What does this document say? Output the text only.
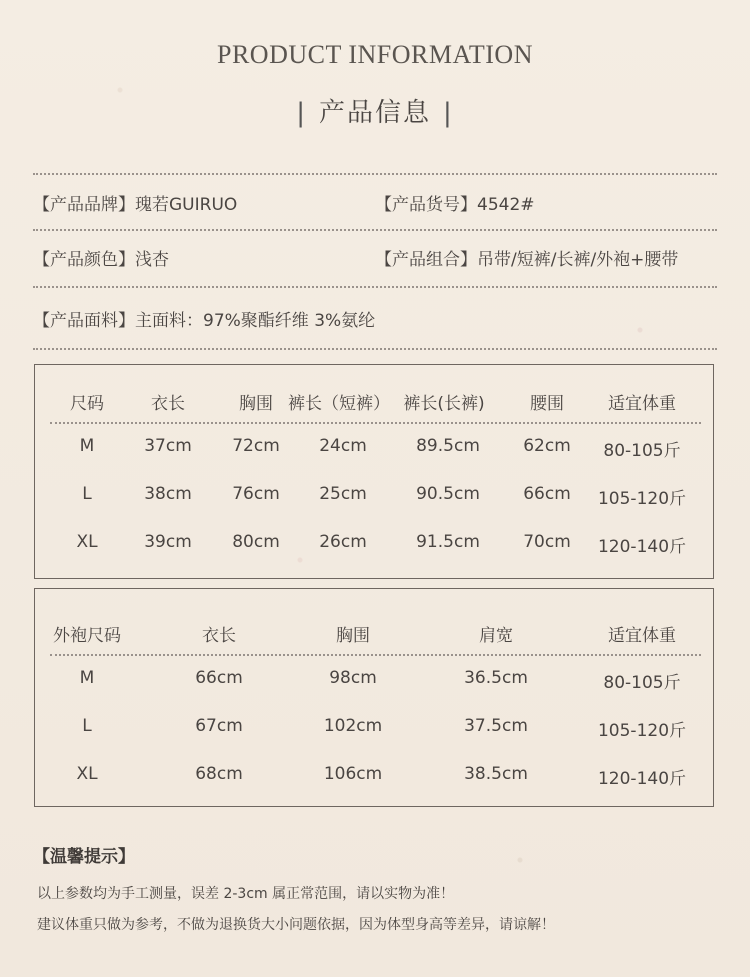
PRODUCT INFORMATION
| 产品信息 |
【产品品牌】瑰若GUIRUO	【产品货号】4542#
【产品颜色】浅杏	【产品组合】吊带/短裤/长裤/外袍+腰带
【产品面料】主面料：97%聚酯纤维 3%氨纶
尺码	衣长	胸围 裤长（短裤） 裤长(长裤)	腰围	适宜体重
M	37cm 72cm 24cm	89.5cm	62cm 80-105斤
L	38cm 76cm 25cm	90.5cm	66cm 105-120斤
XL	39cm 80cm 26cm	91.5cm	70cm 120-140斤
外袍尺码	衣长	胸围	肩宽	适宜体重
M	66cm	98cm	36.5cm	80-105斤
L	67cm	102cm	37.5cm	105-120斤
XL	68cm	106cm	38.5cm	120-140斤
【温馨提示】
以上参数均为手工测量，误差 2-3cm 属正常范围，请以实物为准！
建议体重只做为参考，不做为退换货大小问题依据，因为体型身高等差异，请谅解！
